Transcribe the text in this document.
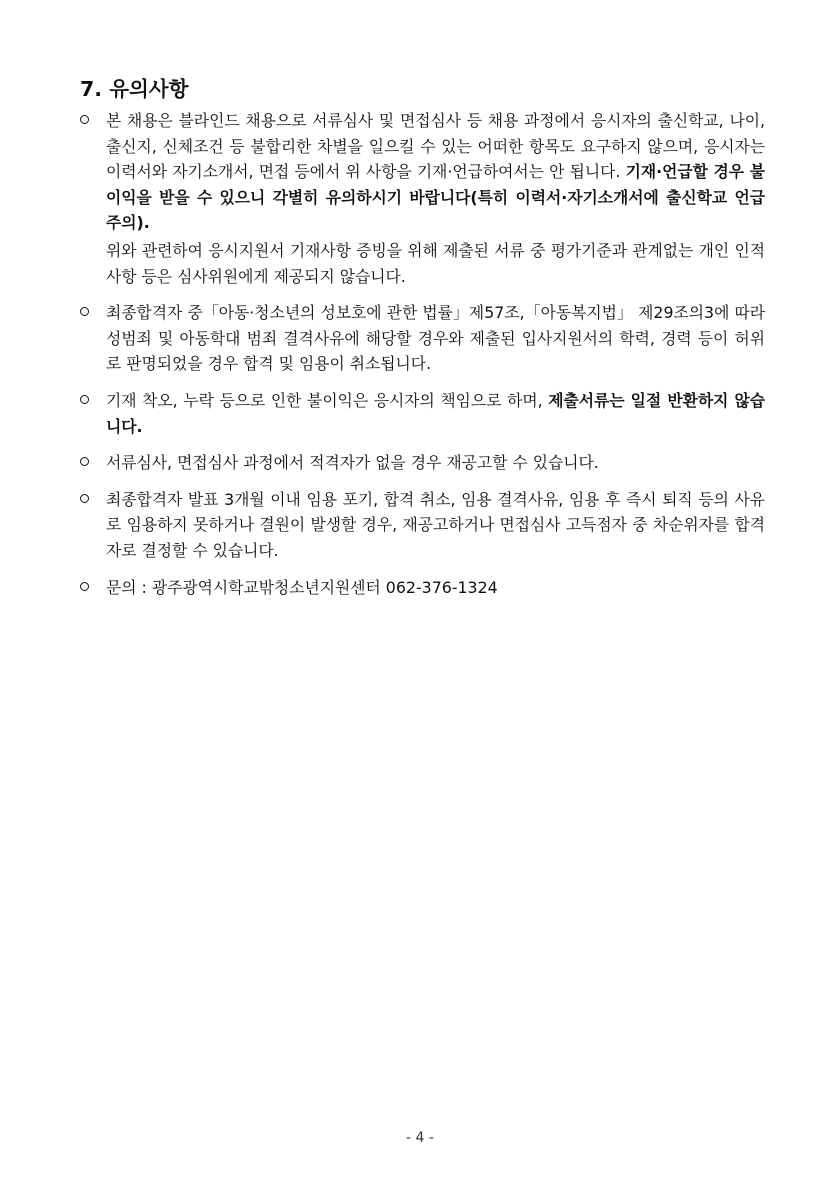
7. 유의사항
본 채용은 블라인드 채용으로 서류심사 및 면접심사 등 채용 과정에서 응시자의 출신학교, 나이, 출신지, 신체조건 등 불합리한 차별을 일으킬 수 있는 어떠한 항목도 요구하지 않으며, 응시자는 이력서와 자기소개서, 면접 등에서 위 사항을 기재·언급하여서는 안 됩니다. 기재·언급할 경우 불이익을 받을 수 있으니 각별히 유의하시기 바랍니다(특히 이력서·자기소개서에 출신학교 언급 주의).
위와 관련하여 응시지원서 기재사항 증빙을 위해 제출된 서류 중 평가기준과 관계없는 개인 인적사항 등은 심사위원에게 제공되지 않습니다.
최종합격자 중「아동·청소년의 성보호에 관한 법률」제57조,「아동복지법」 제29조의3에 따라 성범죄 및 아동학대 범죄 결격사유에 해당할 경우와 제출된 입사지원서의 학력, 경력 등이 허위로 판명되었을 경우 합격 및 임용이 취소됩니다.
기재 착오, 누락 등으로 인한 불이익은 응시자의 책임으로 하며, 제출서류는 일절 반환하지 않습니다.
서류심사, 면접심사 과정에서 적격자가 없을 경우 재공고할 수 있습니다.
최종합격자 발표 3개월 이내 임용 포기, 합격 취소, 임용 결격사유, 임용 후 즉시 퇴직 등의 사유로 임용하지 못하거나 결원이 발생할 경우, 재공고하거나 면접심사 고득점자 중 차순위자를 합격자로 결정할 수 있습니다.
문의 : 광주광역시학교밖청소년지원센터 062-376-1324
- 4 -
